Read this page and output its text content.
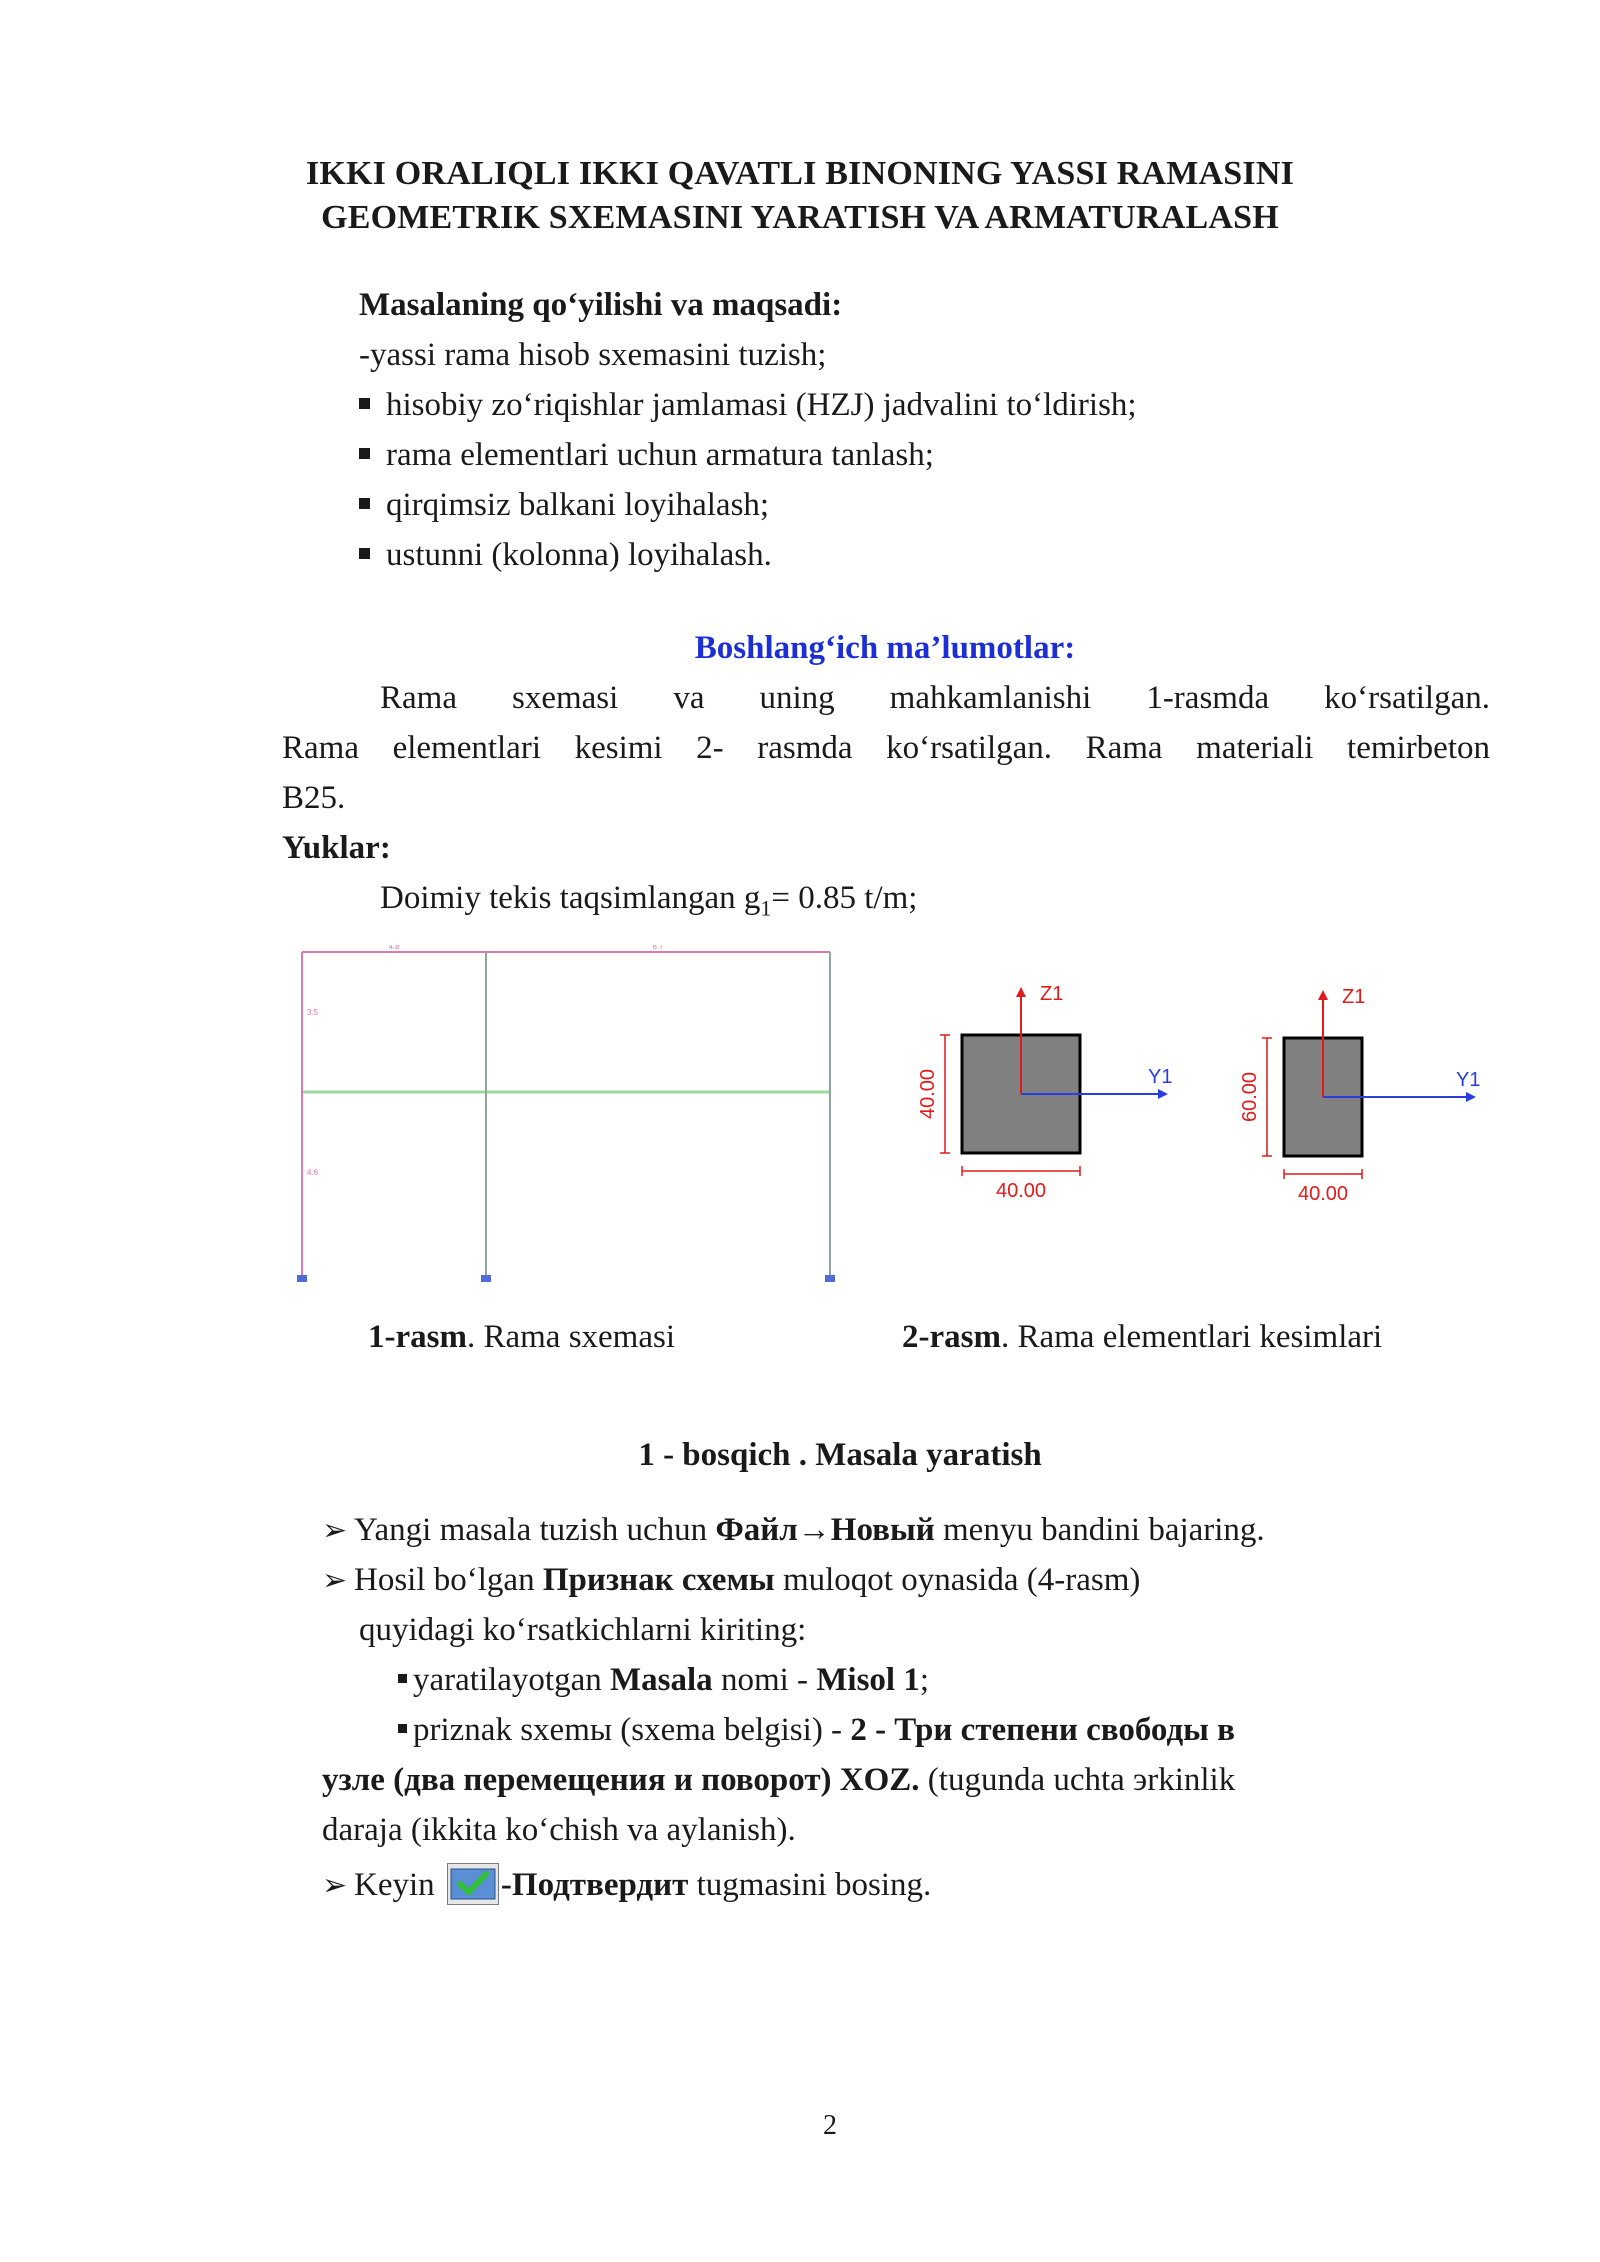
IKKI ORALIQLI IKKI QAVATLI BINONING YASSI RAMASINI
GEOMETRIK SXEMASINI YARATISH VA ARMATURALASH
Masalaning qo‘yilishi va maqsadi:
-yassi rama hisob sxemasini tuzish;
hisobiy zo‘riqishlar jamlamasi (HZJ) jadvalini to‘ldirish;
rama elementlari uchun armatura tanlash;
qirqimsiz balkani loyihalash;
ustunni (kolonna) loyihalash.
Boshlang‘ich ma’lumotlar:
Rama sxemasi va uning mahkamlanishi 1-rasmda ko‘rsatilgan.
Rama elementlari kesimi 2- rasmda ko‘rsatilgan. Rama materiali temirbeton
B25.
Yuklar:
Doimiy tekis taqsimlangan $g_1= 0.85$ t/m;
4.8	8.7
3.5
4.6
Z1
Y1
40.00
40.00
Z1
Y1
60.00
40.00
1-rasm. Rama sxemasi	2-rasm. Rama elementlari kesimlari
1 - bosqich . Masala yaratish
➢ Yangi masala tuzish uchun Файл→Новый menyu bandini bajaring.
➢ Hosil bo‘lgan Признак схемы muloqot oynasida (4-rasm)
quyidagi ko‘rsatkichlarni kiriting:
yaratilayotgan Masala nomi - Misol 1;
priznak sxemы (sxema belgisi) - 2 - Три степени свободы в
узле (два перемещения и поворот) XOZ. (tugunda uchta эrkinlik
daraja (ikkita ko‘chish va aylanish).
➢ Keyin -Подтвердит tugmasini bosing.
2
